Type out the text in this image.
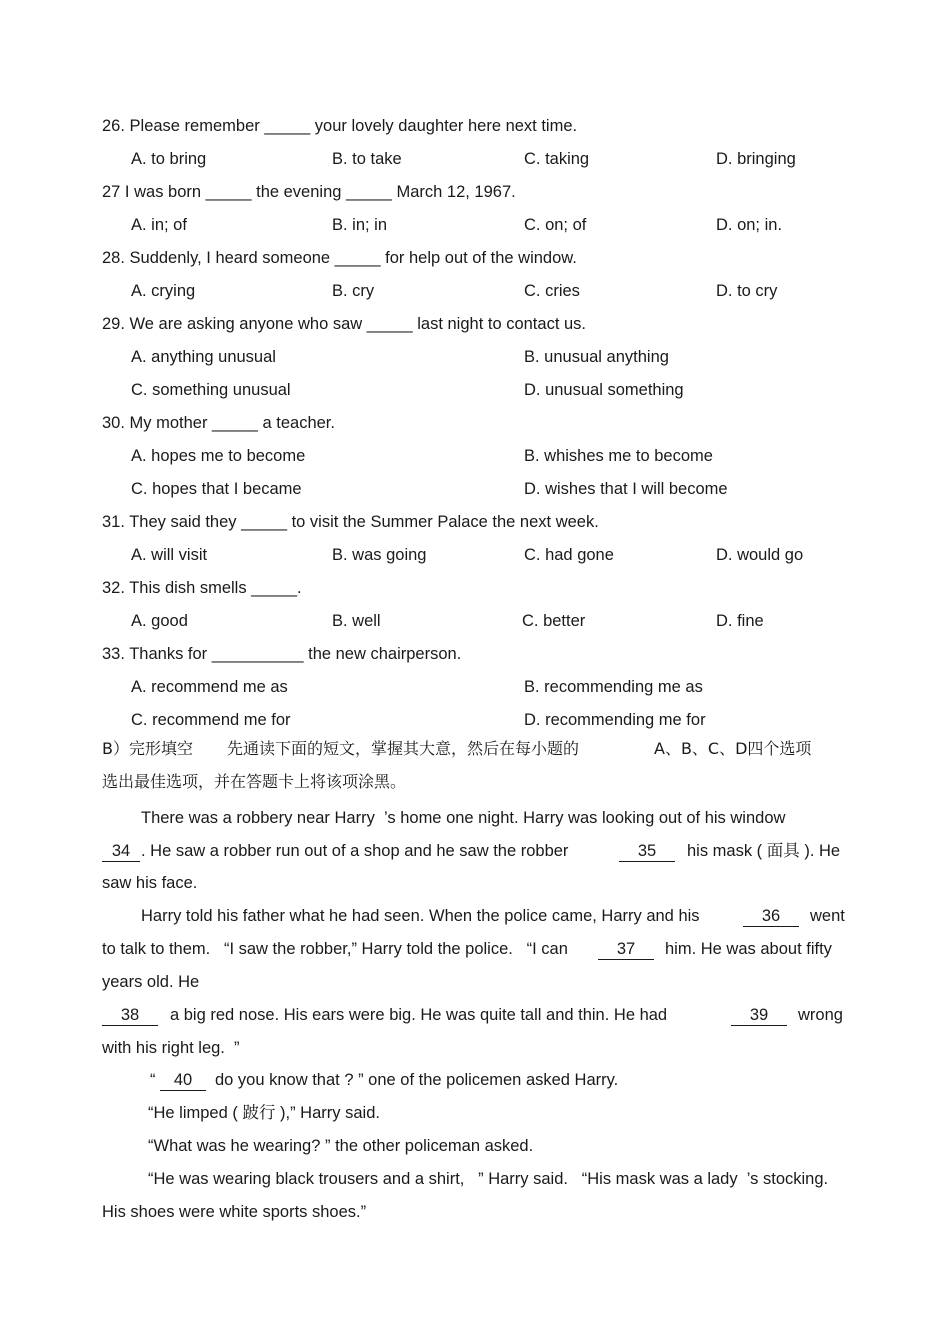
26. Please remember _____ your lovely daughter here next time.
A. to bring	B. to take	C. taking	D. bringing
27 I was born _____ the evening _____ March 12, 1967.
A. in; of	B. in; in	C. on; of	D. on; in.
28. Suddenly, I heard someone _____ for help out of the window.
A. crying	B. cry	C. cries	D. to cry
29. We are asking anyone who saw _____ last night to contact us.
A. anything unusual	B. unusual anything
C. something unusual	D. unusual something
30. My mother _____ a teacher.
A. hopes me to become	B. whishes me to become
C. hopes that I became	D. wishes that I will become
31. They said they _____ to visit the Summer Palace the next week.
A. will visit	B. was going	C. had gone	D. would go
32. This dish smells _____.
A. good	B. well	C. better	D. fine
33. Thanks for __________ the new chairperson.
A. recommend me as	B. recommending me as
C. recommend me for	D. recommending me for
B）完形填空 先通读下面的短文，掌握其大意，然后在每小题的	A、B、C、D四个选项
选出最佳选项，并在答题卡上将该项涂黑。
There was a robbery near Harry  ’s home one night. Harry was looking out of his window
34 . He saw a robber run out of a shop and he saw the robber	35	his mask ( 面具 ). He
saw his face.
Harry told his father what he had seen. When the police came, Harry and his	36	went
to talk to them.   “I saw the robber,” Harry told the police.   “I can	37	him. He was about fifty
years old. He
38	a big red nose. His ears were big. He was quite tall and thin. He had	39	wrong
with his right leg.  ”
“	40	do you know that ? ” one of the policemen asked Harry.
“He limped ( 跛行 ),” Harry said.
“What was he wearing? ” the other policeman asked.
“He was wearing black trousers and a shirt,   ” Harry said.   “His mask was a lady  ’s stocking.
His shoes were white sports shoes.”
